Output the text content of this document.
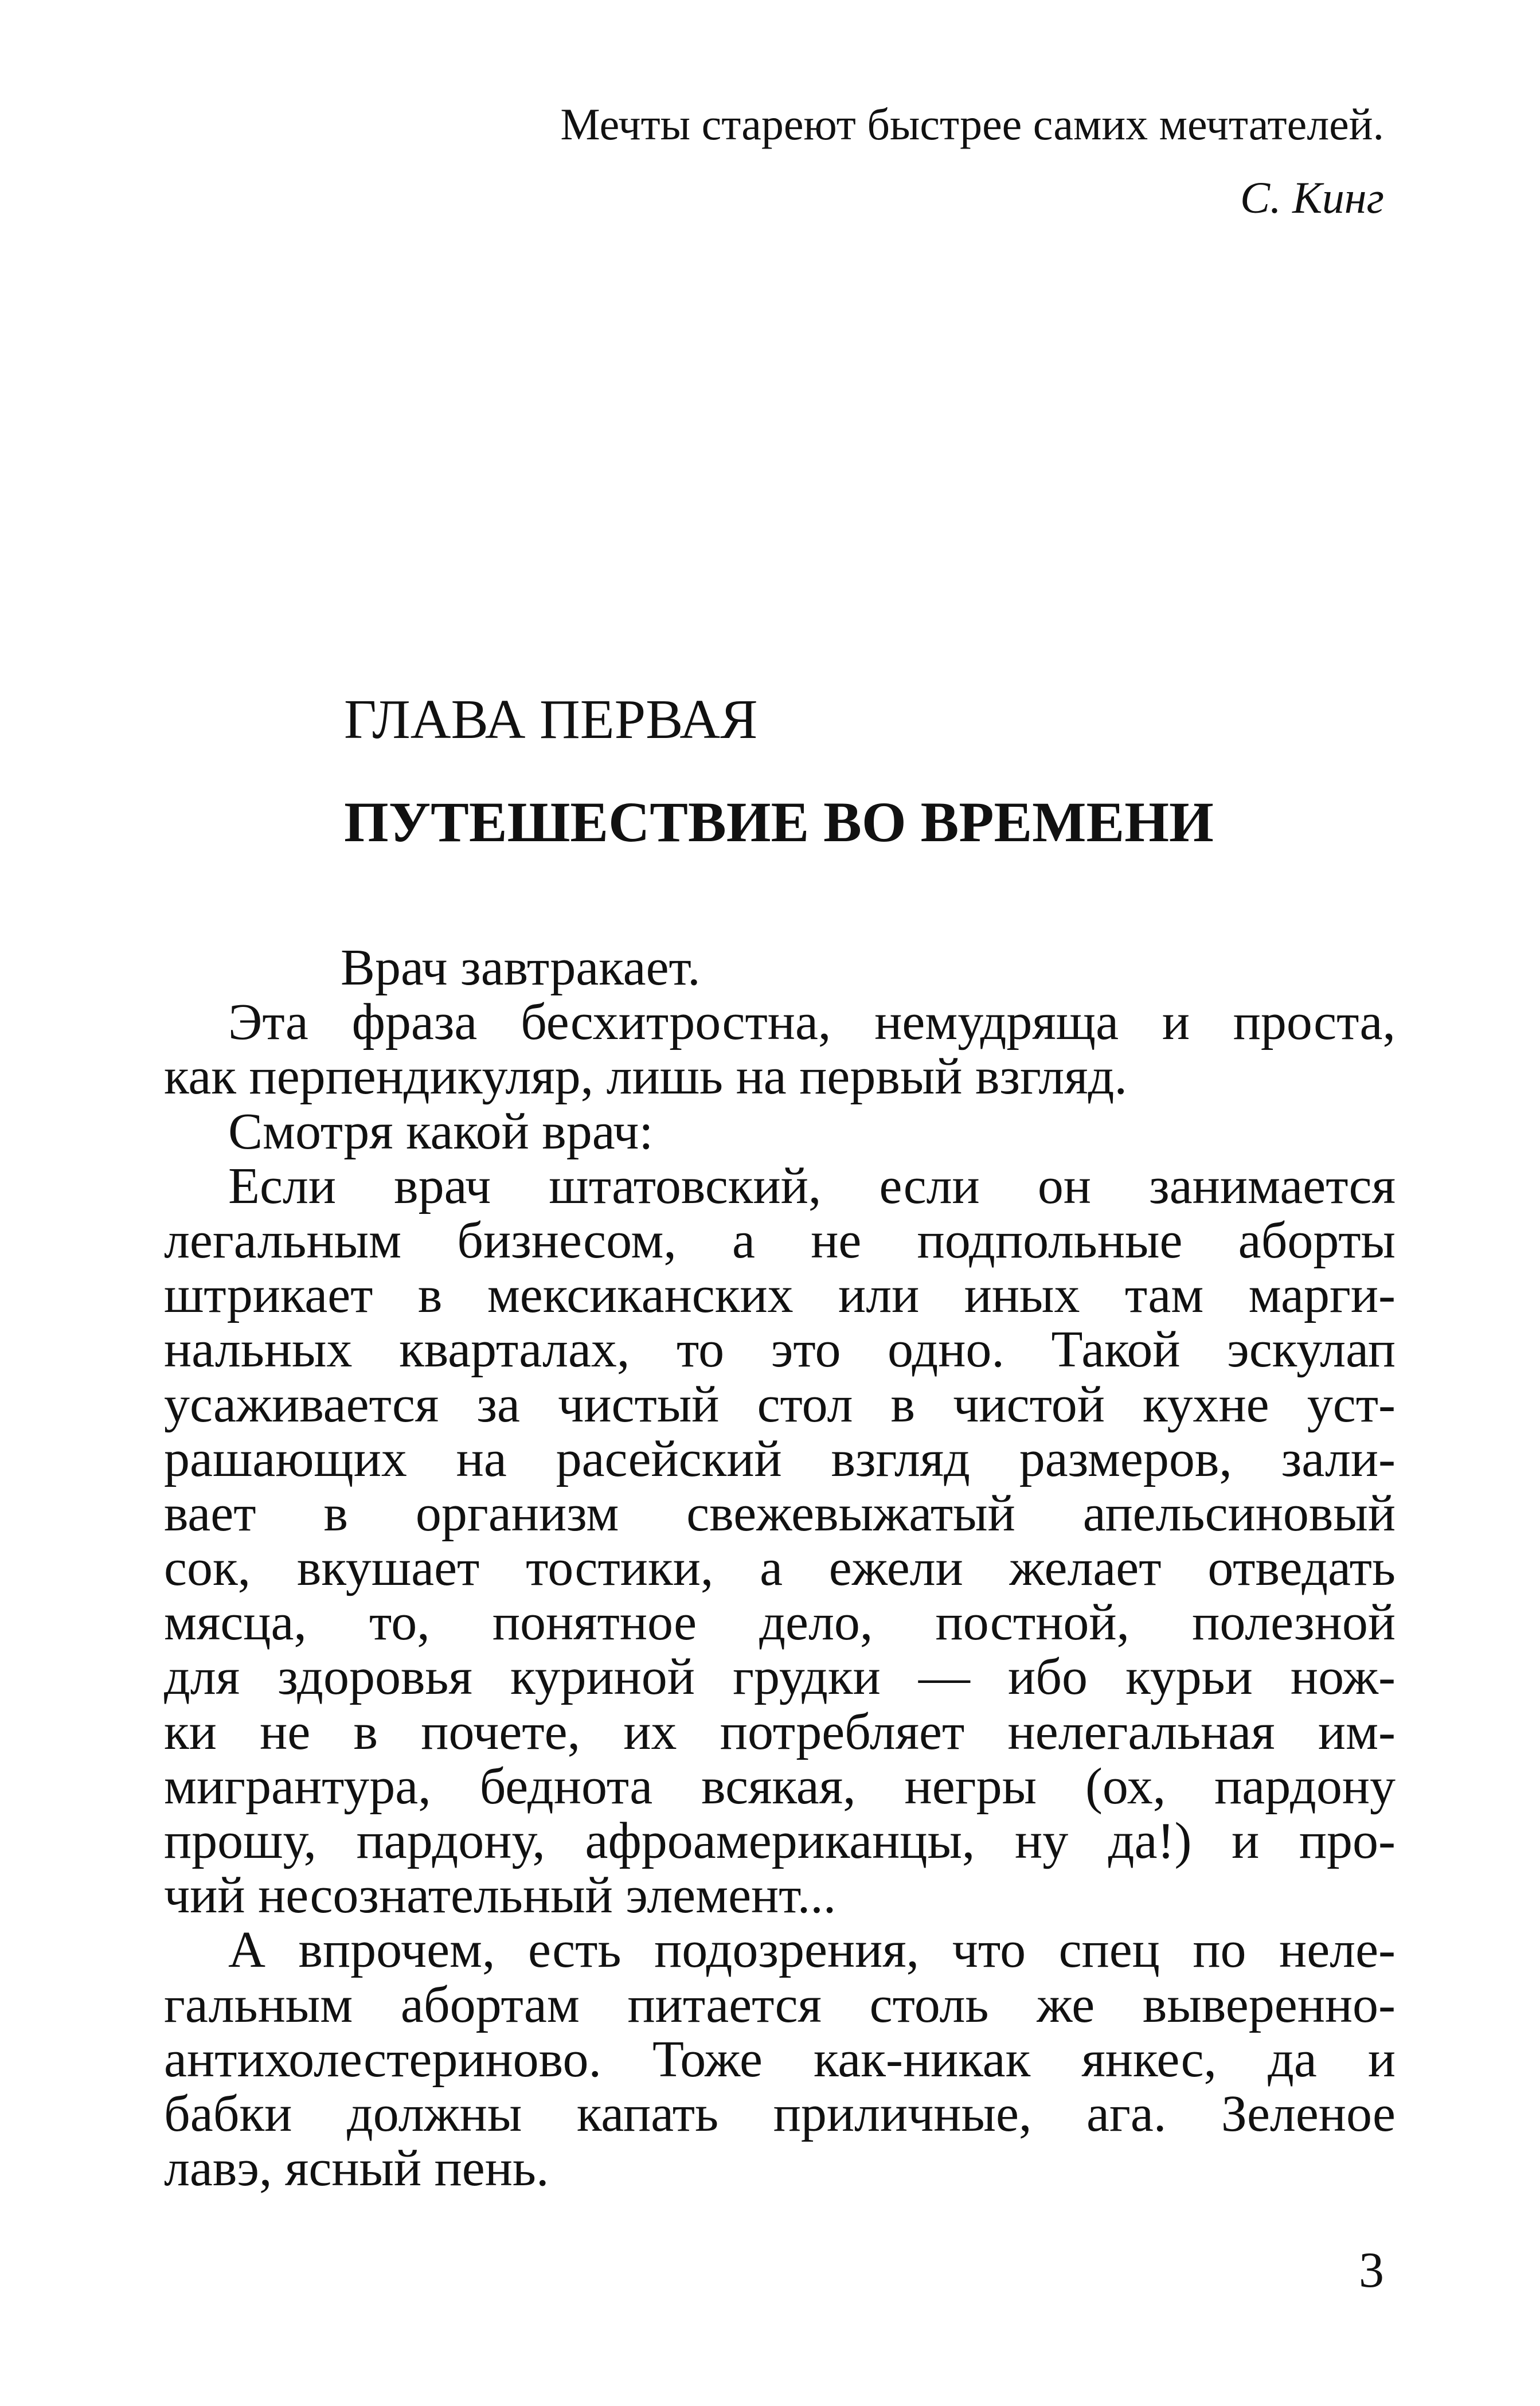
Мечты стареют быстрее самих мечтателей.
С. Кинг
ГЛАВА ПЕРВАЯ
ПУТЕШЕСТВИЕ ВО ВРЕМЕНИ

Врач завтракает.

Эта фраза бесхитростна, немудряща и проста,
как перпендикуляр, лишь на первый взгляд.

Смотря какой врач:

Если врач штатовский, если он занимается
легальным бизнесом, а не подпольные аборты
штрикает в мексиканских или иных там марги-
нальных кварталах, то это одно. Такой эскулап
усаживается за чистый стол в чистой кухне уст-
рашающих на расейский взгляд размеров, зали-
вает в организм свежевыжатый апельсиновый
сок, вкушает тостики, а ежели желает отведать
мясца, то, понятное дело, постной, полезной
для здоровья куриной грудки — ибо курьи нож-
ки не в почете, их потребляет нелегальная им-
мигрантура, беднота всякая, негры (ох, пардону
прошу, пардону, афроамериканцы, ну да!) и про-
чий несознательный элемент...

А впрочем, есть подозрения, что спец по неле-
гальным абортам питается столь же выверенно-
антихолестериново. Тоже как-никак янкес, да и
бабки должны капать приличные, ага. Зеленое
лавэ, ясный пень.

3
